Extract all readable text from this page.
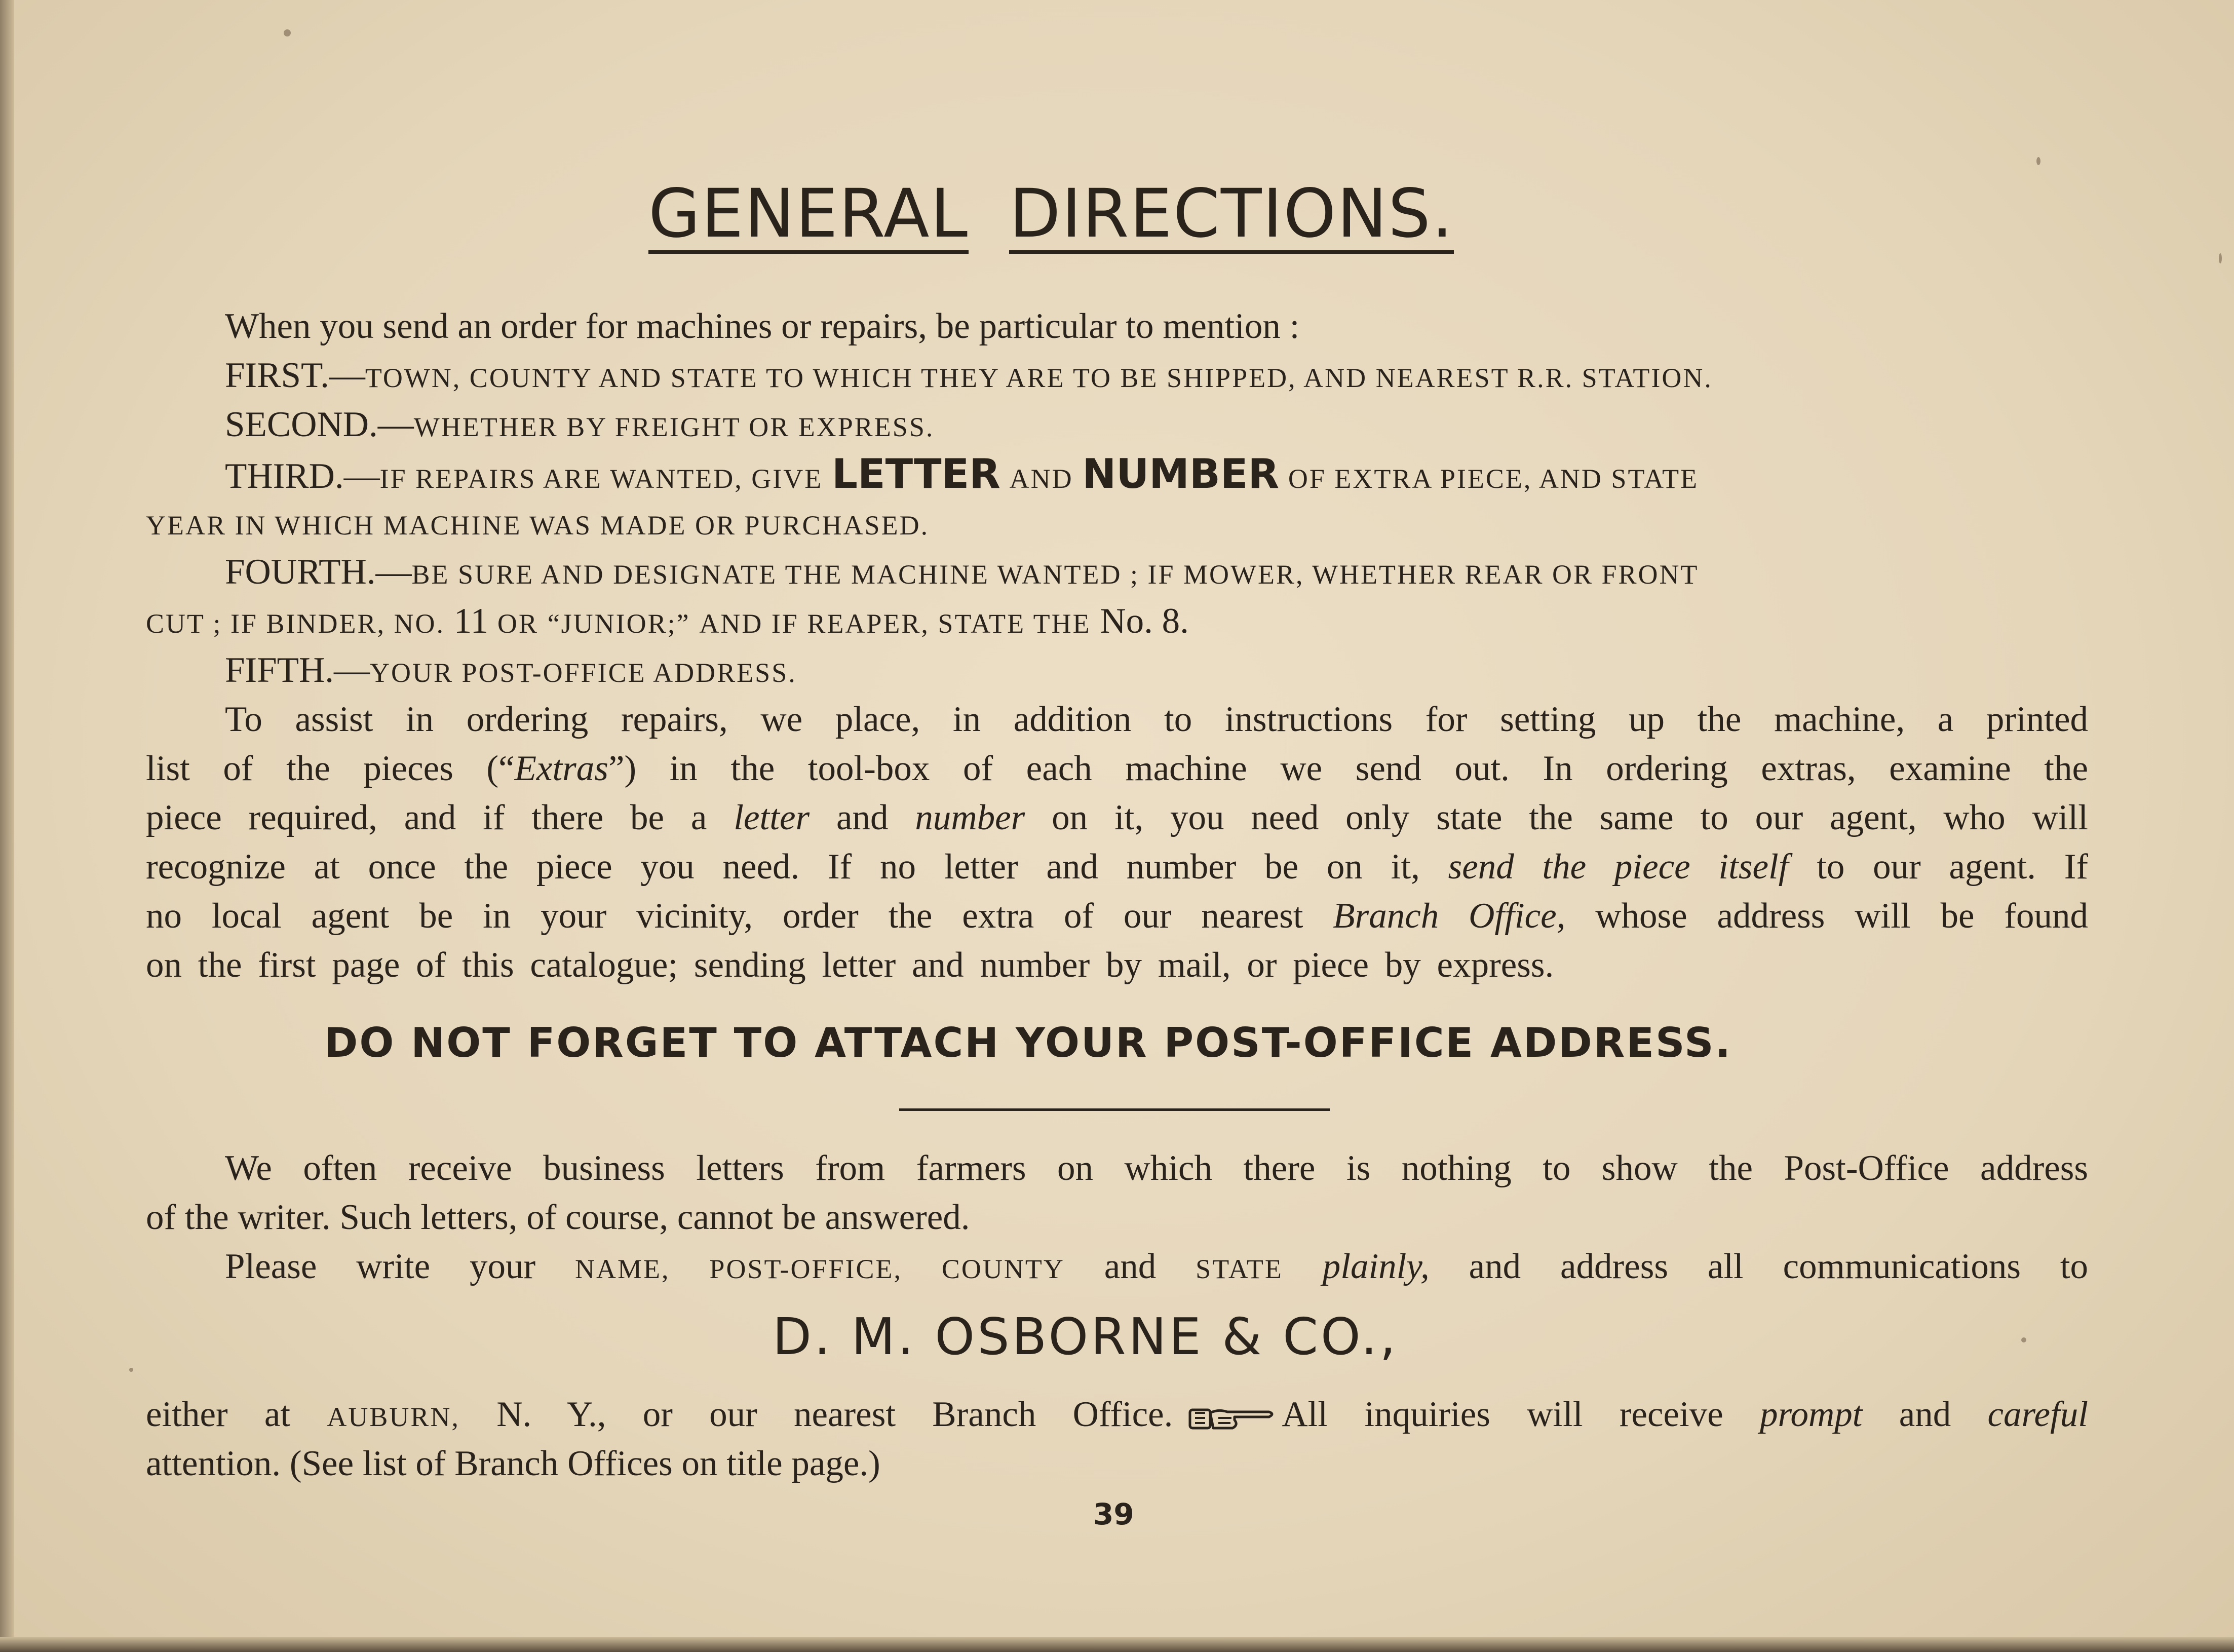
GENERAL DIRECTIONS.
When you send an order for machines or repairs, be particular to mention :
FIRST.—TOWN, COUNTY AND STATE TO WHICH THEY ARE TO BE SHIPPED, AND NEAREST R.R. STATION.
SECOND.—WHETHER BY FREIGHT OR EXPRESS.
THIRD.—IF REPAIRS ARE WANTED, GIVE LETTER AND NUMBER OF EXTRA PIECE, AND STATE
YEAR IN WHICH MACHINE WAS MADE OR PURCHASED.
FOURTH.—BE SURE AND DESIGNATE THE MACHINE WANTED ; IF MOWER, WHETHER REAR OR FRONT
CUT ; IF BINDER, NO. 11 OR “JUNIOR;” AND IF REAPER, STATE THE No. 8.
FIFTH.—YOUR POST-OFFICE ADDRESS.
To assist in ordering repairs, we place, in addition to instructions for setting up the machine, a printed
list of the pieces (“Extras”) in the tool-box of each machine we send out. In ordering extras, examine the
piece required, and if there be a letter and number on it, you need only state the same to our agent, who will
recognize at once the piece you need. If no letter and number be on it, send the piece itself to our agent. If
no local agent be in your vicinity, order the extra of our nearest Branch Office, whose address will be found
on the first page of this catalogue; sending letter and number by mail, or piece by express.
DO NOT FORGET TO ATTACH YOUR POST-OFFICE ADDRESS.
We often receive business letters from farmers on which there is nothing to show the Post-Office address
of the writer. Such letters, of course, cannot be answered.
Please write your NAME, POST-OFFICE, COUNTY and STATE plainly, and address all communications to
D. M. OSBORNE & CO.,
either at AUBURN, N. Y., or our nearest Branch Office.	All inquiries will receive prompt and careful
attention. (See list of Branch Offices on title page.)
39
